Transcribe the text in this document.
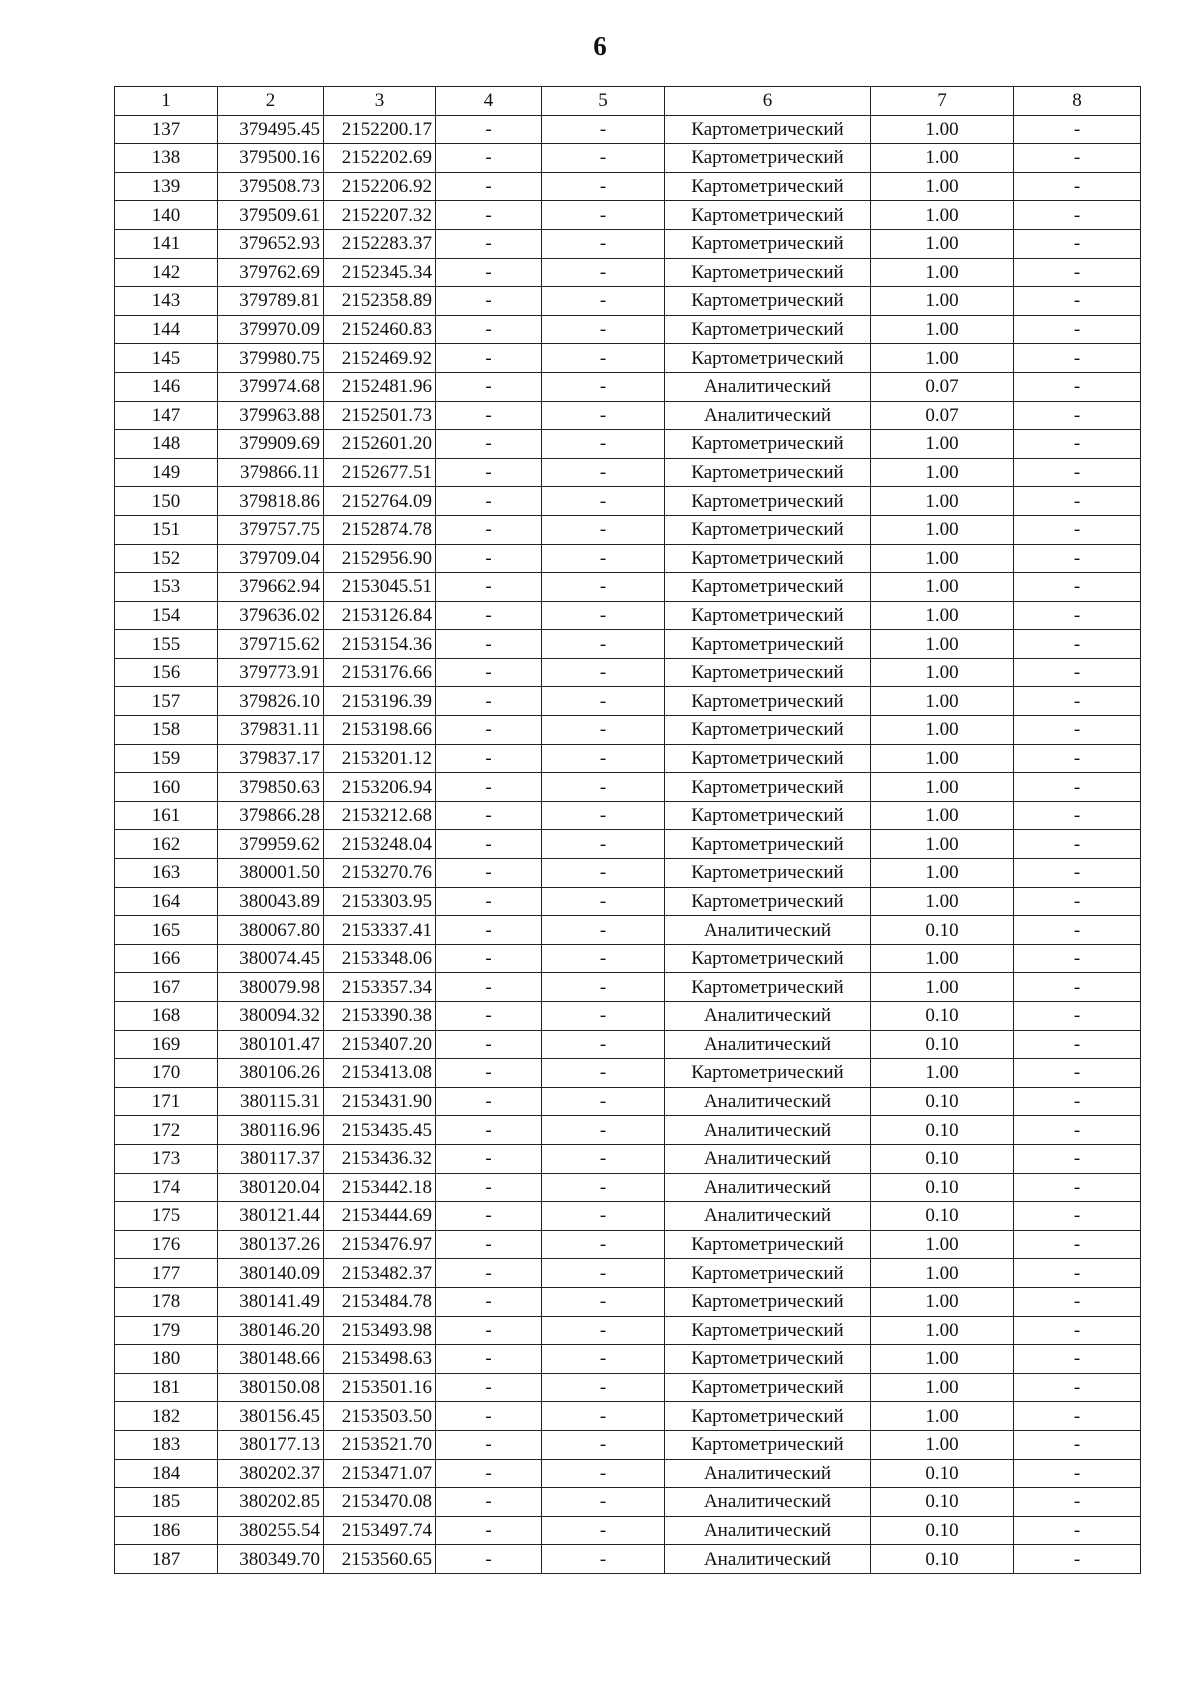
6
1	2	3	4	5	6	7	8
137	379495.45	2152200.17	-	-	Картометрический	1.00	-
138	379500.16	2152202.69	-	-	Картометрический	1.00	-
139	379508.73	2152206.92	-	-	Картометрический	1.00	-
140	379509.61	2152207.32	-	-	Картометрический	1.00	-
141	379652.93	2152283.37	-	-	Картометрический	1.00	-
142	379762.69	2152345.34	-	-	Картометрический	1.00	-
143	379789.81	2152358.89	-	-	Картометрический	1.00	-
144	379970.09	2152460.83	-	-	Картометрический	1.00	-
145	379980.75	2152469.92	-	-	Картометрический	1.00	-
146	379974.68	2152481.96	-	-	Аналитический	0.07	-
147	379963.88	2152501.73	-	-	Аналитический	0.07	-
148	379909.69	2152601.20	-	-	Картометрический	1.00	-
149	379866.11	2152677.51	-	-	Картометрический	1.00	-
150	379818.86	2152764.09	-	-	Картометрический	1.00	-
151	379757.75	2152874.78	-	-	Картометрический	1.00	-
152	379709.04	2152956.90	-	-	Картометрический	1.00	-
153	379662.94	2153045.51	-	-	Картометрический	1.00	-
154	379636.02	2153126.84	-	-	Картометрический	1.00	-
155	379715.62	2153154.36	-	-	Картометрический	1.00	-
156	379773.91	2153176.66	-	-	Картометрический	1.00	-
157	379826.10	2153196.39	-	-	Картометрический	1.00	-
158	379831.11	2153198.66	-	-	Картометрический	1.00	-
159	379837.17	2153201.12	-	-	Картометрический	1.00	-
160	379850.63	2153206.94	-	-	Картометрический	1.00	-
161	379866.28	2153212.68	-	-	Картометрический	1.00	-
162	379959.62	2153248.04	-	-	Картометрический	1.00	-
163	380001.50	2153270.76	-	-	Картометрический	1.00	-
164	380043.89	2153303.95	-	-	Картометрический	1.00	-
165	380067.80	2153337.41	-	-	Аналитический	0.10	-
166	380074.45	2153348.06	-	-	Картометрический	1.00	-
167	380079.98	2153357.34	-	-	Картометрический	1.00	-
168	380094.32	2153390.38	-	-	Аналитический	0.10	-
169	380101.47	2153407.20	-	-	Аналитический	0.10	-
170	380106.26	2153413.08	-	-	Картометрический	1.00	-
171	380115.31	2153431.90	-	-	Аналитический	0.10	-
172	380116.96	2153435.45	-	-	Аналитический	0.10	-
173	380117.37	2153436.32	-	-	Аналитический	0.10	-
174	380120.04	2153442.18	-	-	Аналитический	0.10	-
175	380121.44	2153444.69	-	-	Аналитический	0.10	-
176	380137.26	2153476.97	-	-	Картометрический	1.00	-
177	380140.09	2153482.37	-	-	Картометрический	1.00	-
178	380141.49	2153484.78	-	-	Картометрический	1.00	-
179	380146.20	2153493.98	-	-	Картометрический	1.00	-
180	380148.66	2153498.63	-	-	Картометрический	1.00	-
181	380150.08	2153501.16	-	-	Картометрический	1.00	-
182	380156.45	2153503.50	-	-	Картометрический	1.00	-
183	380177.13	2153521.70	-	-	Картометрический	1.00	-
184	380202.37	2153471.07	-	-	Аналитический	0.10	-
185	380202.85	2153470.08	-	-	Аналитический	0.10	-
186	380255.54	2153497.74	-	-	Аналитический	0.10	-
187	380349.70	2153560.65	-	-	Аналитический	0.10	-
